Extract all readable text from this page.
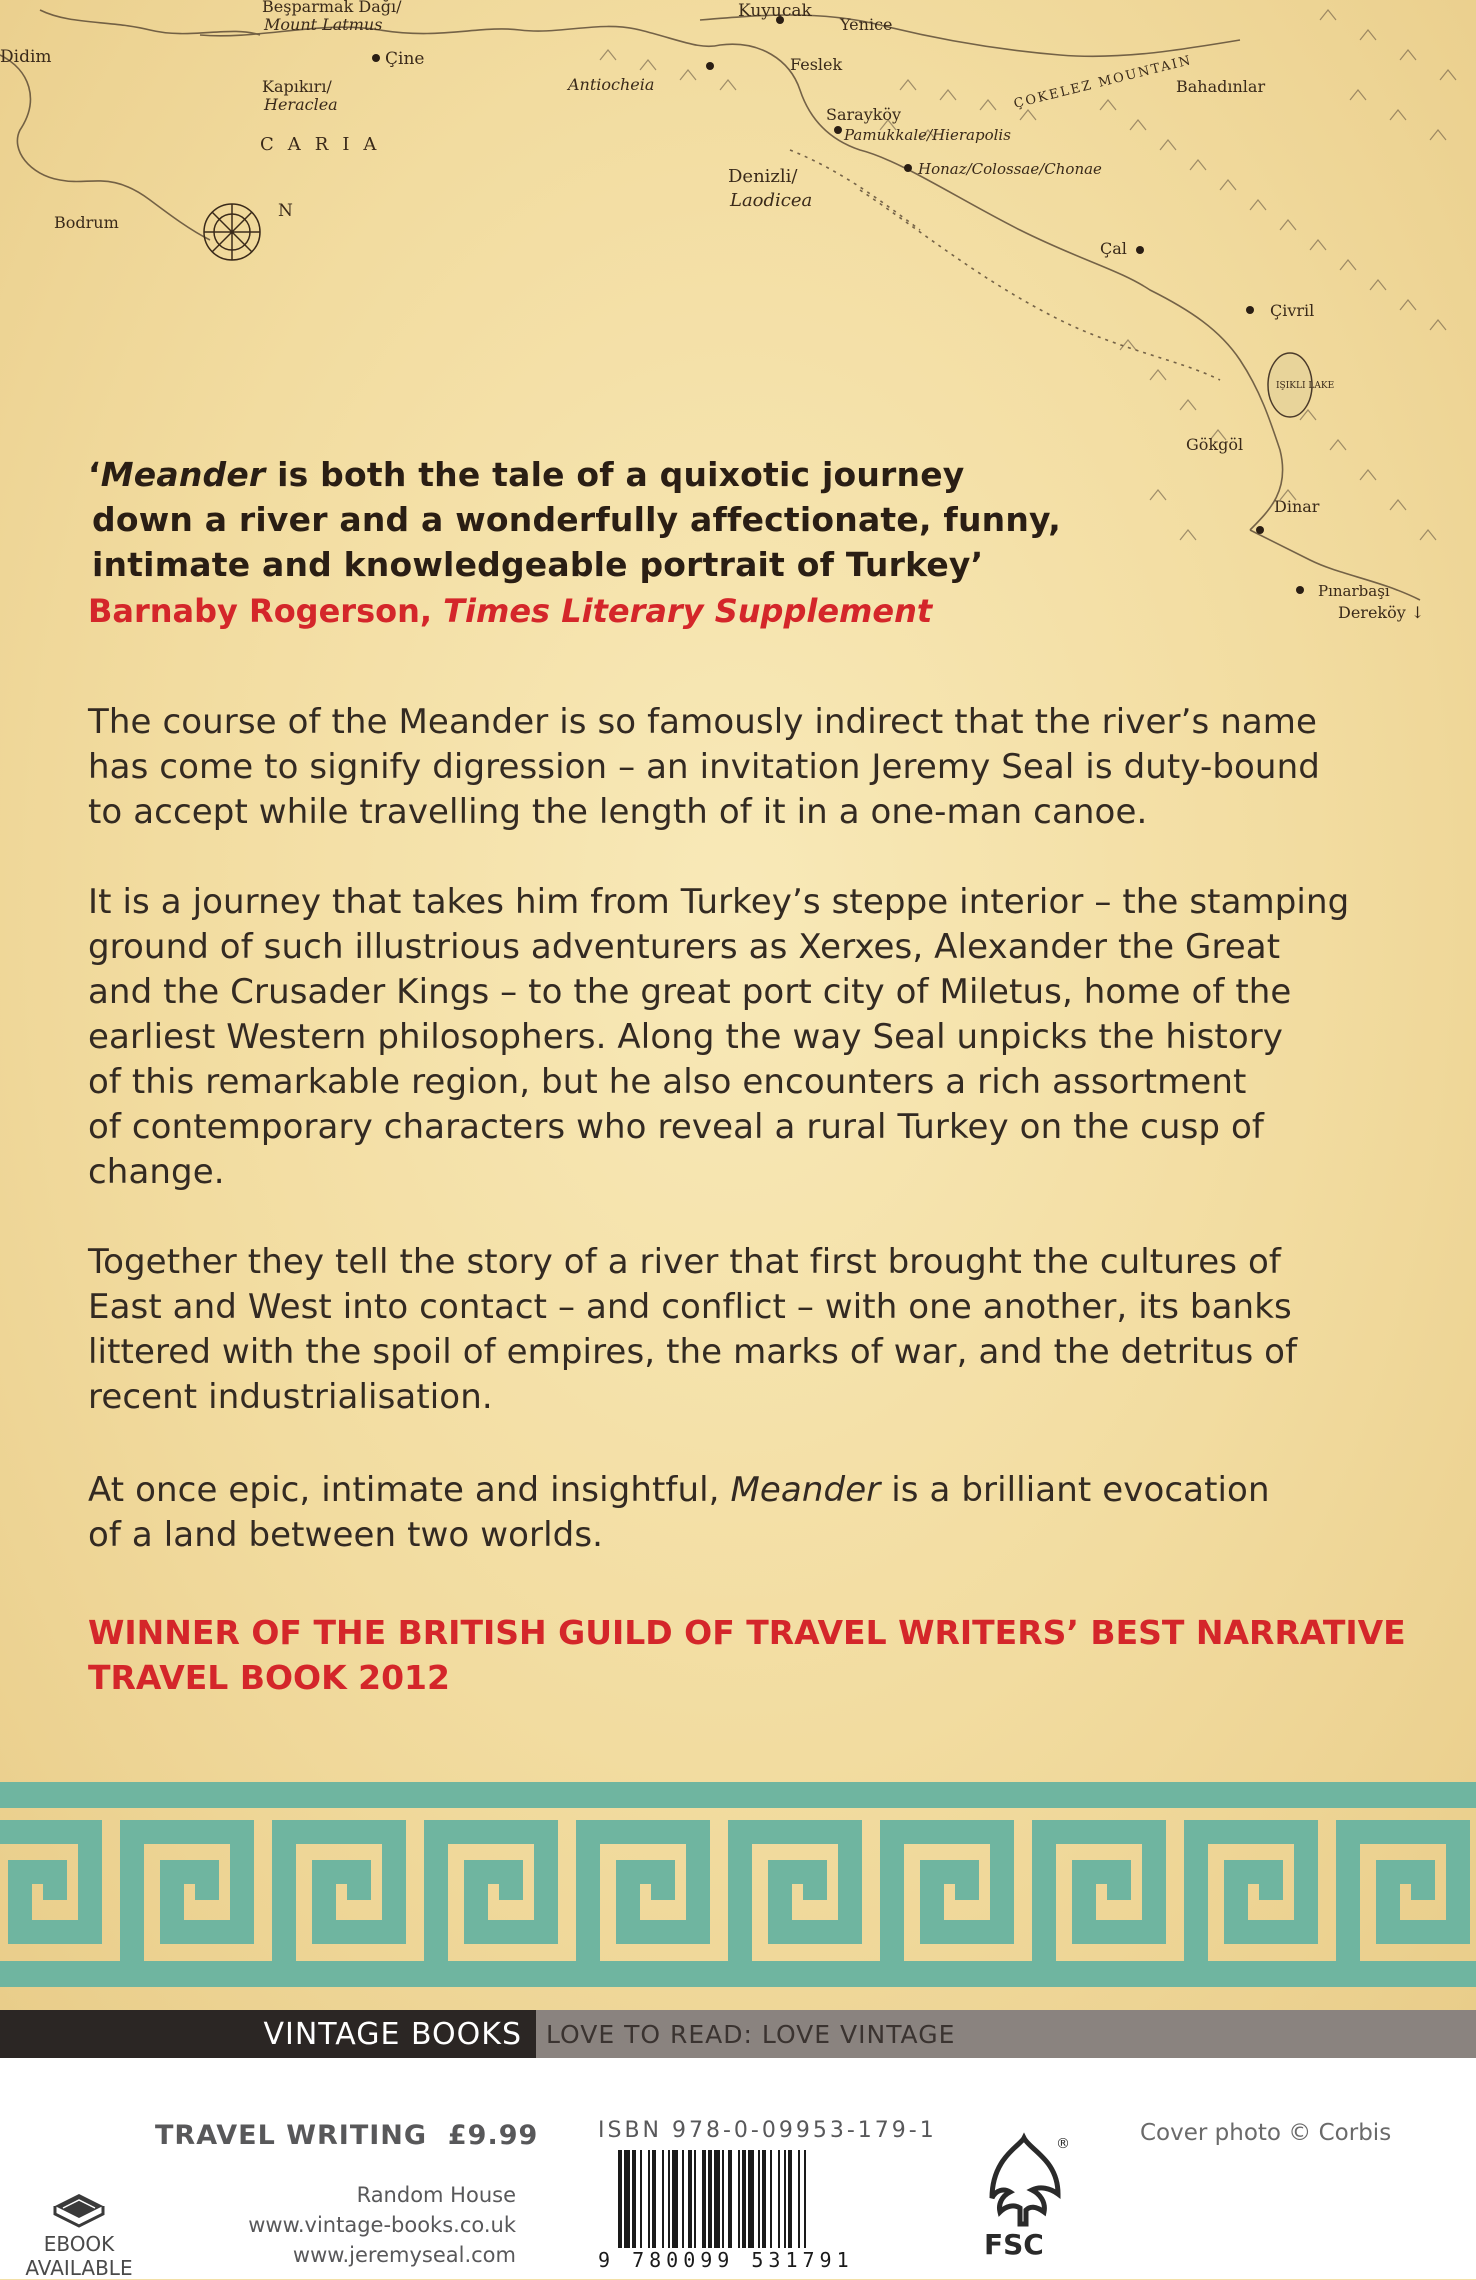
Didim
Beşparmak Dağı/
Mount Latmus
Çine
Kapıkırı/
Heraclea
CARIA
Bodrum
N
Antiocheia
Kuyucak
Yenice
Feslek
Sarayköy
Pamukkale/Hierapolis
Denizli/
Laodicea
Honaz/Colossae/Chonae
ÇOKELEZ MOUNTAIN
Bahadınlar
Çal
Çivril
IŞIKLI LAKE
Gökgöl
Dinar
Pınarbaşı
Dereköy ↓
‘Meander is both the tale of a quixotic journey
down a river and a wonderfully affectionate, funny,
intimate and knowledgeable portrait of Turkey’
Barnaby Rogerson, Times Literary Supplement
The course of the Meander is so famously indirect that the river’s name
has come to signify digression – an invitation Jeremy Seal is duty-bound
to accept while travelling the length of it in a one-man canoe.
It is a journey that takes him from Turkey’s steppe interior – the stamping
ground of such illustrious adventurers as Xerxes, Alexander the Great
and the Crusader Kings – to the great port city of Miletus, home of the
earliest Western philosophers. Along the way Seal unpicks the history
of this remarkable region, but he also encounters a rich assortment
of contemporary characters who reveal a rural Turkey on the cusp of
change.
Together they tell the story of a river that first brought the cultures of
East and West into contact – and conflict – with one another, its banks
littered with the spoil of empires, the marks of war, and the detritus of
recent industrialisation.
At once epic, intimate and insightful, Meander is a brilliant evocation
of a land between two worlds.
WINNER OF THE BRITISH GUILD OF TRAVEL WRITERS’ BEST NARRATIVE
TRAVEL BOOK 2012
VINTAGE BOOKS LOVE TO READ: LOVE VINTAGE
TRAVEL WRITING £9.99
EBOOK
AVAILABLE
Random House
www.vintage-books.co.uk
www.jeremyseal.com
ISBN 978-0-09953-179-1
9 780099 531791	FSC
®	Cover photo © Corbis
